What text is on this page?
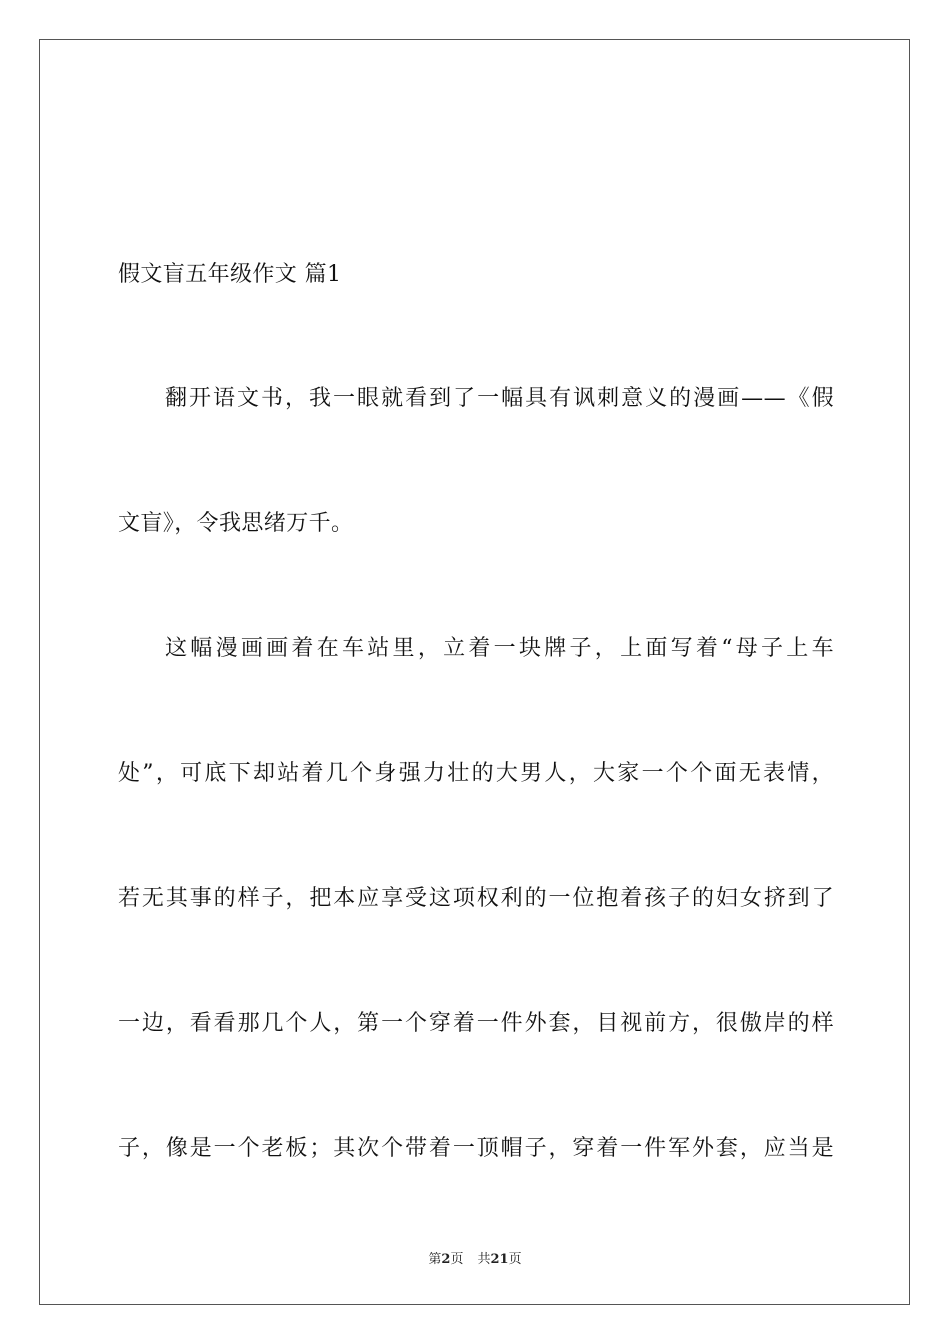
假文盲五年级作文 篇1

翻开语文书，我一眼就看到了一幅具有讽刺意义的漫画——《假

文盲》，令我思绪万千。

这幅漫画画着在车站里，立着一块牌子，上面写着“母子上车

处”，可底下却站着几个身强力壮的大男人，大家一个个面无表情，

若无其事的样子，把本应享受这项权利的一位抱着孩子的妇女挤到了

一边，看看那几个人，第一个穿着一件外套，目视前方，很傲岸的样

子，像是一个老板；其次个带着一顶帽子，穿着一件军外套，应当是

第2页 共21页
